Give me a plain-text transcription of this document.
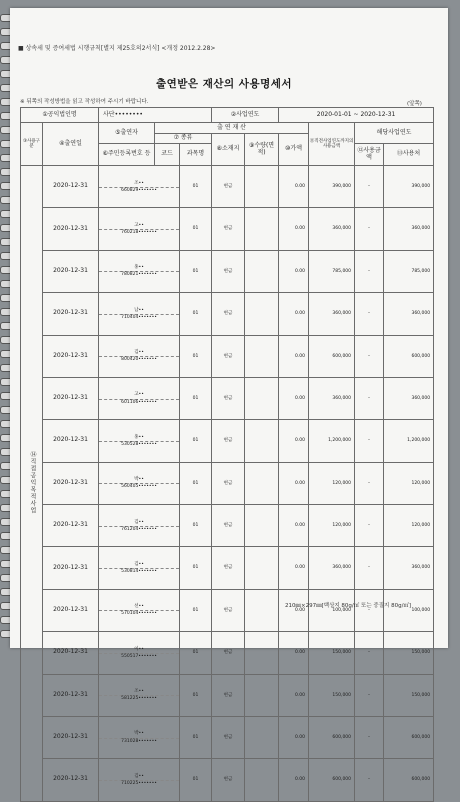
■ 상속세 및 증여세법 시행규칙[별지 제25호의2서식] <개정 2012.2.28>
출연받은 재산의 사용명세서
※ 뒤쪽의 작성방법을 읽고 작성하여 주시기 바랍니다.	(앞쪽)
①공익법인명		사단••••••••			②사업연도		2020-01-01 ~ 2020-12-31				
③사용구분	④출연일	⑤출연자	출 연 재 산					⑪직전사업연도까지의사용금액	해당사업연도		
			⑦ 종류		⑧소재지	⑨수량(면적)	⑩가액				
		⑥주민등록번호 등	코드	과목명					⑫사용금액	⑬사용처	

⑭직접공익목적사업	2020-12-31	조••
660829•••••••		01	현금		0.00	390,000	–	390,000	
	2020-12-31	고••
760218•••••••		01	현금		0.00	360,000	–	360,000	
	2020-12-31	홍••
780821•••••••		01	현금		0.00	785,000	–	785,000	
	2020-12-31	남••
710404•••••••		01	현금		0.00	360,000	–	360,000	
	2020-12-31	김••
800420•••••••		01	현금		0.00	600,000	–	600,000	
	2020-12-31	고••
601106•••••••		01	현금		0.00	360,000	–	360,000	
	2020-12-31	홍••
530528•••••••		01	현금		0.00	1,200,000	–	1,200,000	
	2020-12-31	박••
560405•••••••		01	현금		0.00	120,000	–	120,000	
	2020-12-31	김••
761204•••••••		01	현금		0.00	120,000	–	120,000	
	2020-12-31	김••
530814•••••••		01	현금		0.00	360,000	–	360,000	
	2020-12-31	선••
570104•••••••		01	현금		0.00	100,000	–	100,000	
	2020-12-31	이••
550517•••••••		01	현금		0.00	150,000	–	150,000	
	2020-12-31	조••
581225•••••••		01	현금		0.00	150,000	–	150,000	
	2020-12-31	박••
731028•••••••		01	현금		0.00	600,000	–	600,000	
	2020-12-31	김••
710225•••••••		01	현금		0.00	600,000	–	600,000	
210㎜×297㎜[백상지 80g/㎡ 또는 중질지 80g/㎡]
